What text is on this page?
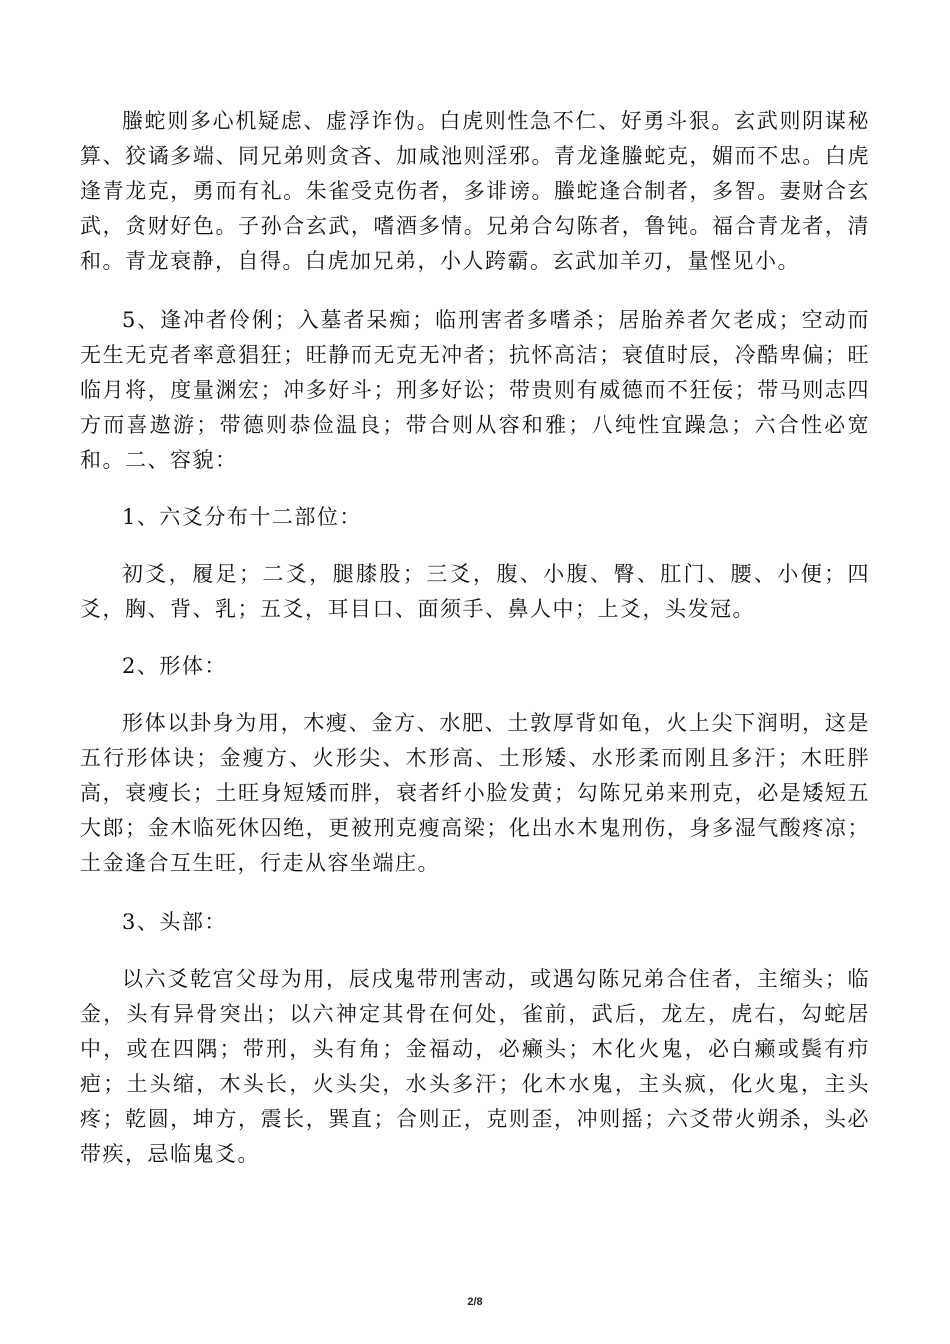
螣蛇则多心机疑虑、虚浮诈伪。白虎则性急不仁、好勇斗狠。玄武则阴谋秘算、狡谲多端、同兄弟则贪吝、加咸池则淫邪。青龙逢螣蛇克，媚而不忠。白虎逢青龙克，勇而有礼。朱雀受克伤者，多诽谤。螣蛇逢合制者，多智。妻财合玄武，贪财好色。子孙合玄武，嗜酒多情。兄弟合勾陈者，鲁钝。福合青龙者，清和。青龙衰静，自得。白虎加兄弟，小人跨霸。玄武加羊刃，量悭见小。

5、逢冲者伶俐；入墓者呆痴；临刑害者多嗜杀；居胎养者欠老成；空动而无生无克者率意猖狂；旺静而无克无冲者；抗怀高洁；衰值时辰，冷酷卑偏；旺临月将，度量渊宏；冲多好斗；刑多好讼；带贵则有威德而不狂佞；带马则志四方而喜遨游；带德则恭俭温良；带合则从容和雅；八纯性宜躁急；六合性必宽和。二、容貌：

1、六爻分布十二部位：

初爻，履足；二爻，腿膝股；三爻，腹、小腹、臀、肛门、腰、小便；四爻，胸、背、乳；五爻，耳目口、面须手、鼻人中；上爻，头发冠。

2、形体：

形体以卦身为用，木瘦、金方、水肥、土敦厚背如龟，火上尖下润明，这是五行形体诀；金瘦方、火形尖、木形高、土形矮、水形柔而刚且多汗；木旺胖高，衰瘦长；土旺身短矮而胖，衰者纤小脸发黄；勾陈兄弟来刑克，必是矮短五大郎；金木临死休囚绝，更被刑克瘦高梁；化出水木鬼刑伤，身多湿气酸疼凉；土金逢合互生旺，行走从容坐端庄。

3、头部：

以六爻乾宫父母为用，辰戌鬼带刑害动，或遇勾陈兄弟合住者，主缩头；临金，头有异骨突出；以六神定其骨在何处，雀前，武后，龙左，虎右，勾蛇居中，或在四隅；带刑，头有角；金福动，必癞头；木化火鬼，必白癞或鬓有疖疤；土头缩，木头长，火头尖，水头多汗；化木水鬼，主头疯，化火鬼，主头疼；乾圆，坤方，震长，巽直；合则正，克则歪，冲则摇；六爻带火朔杀，头必带疾，忌临鬼爻。

2/8
